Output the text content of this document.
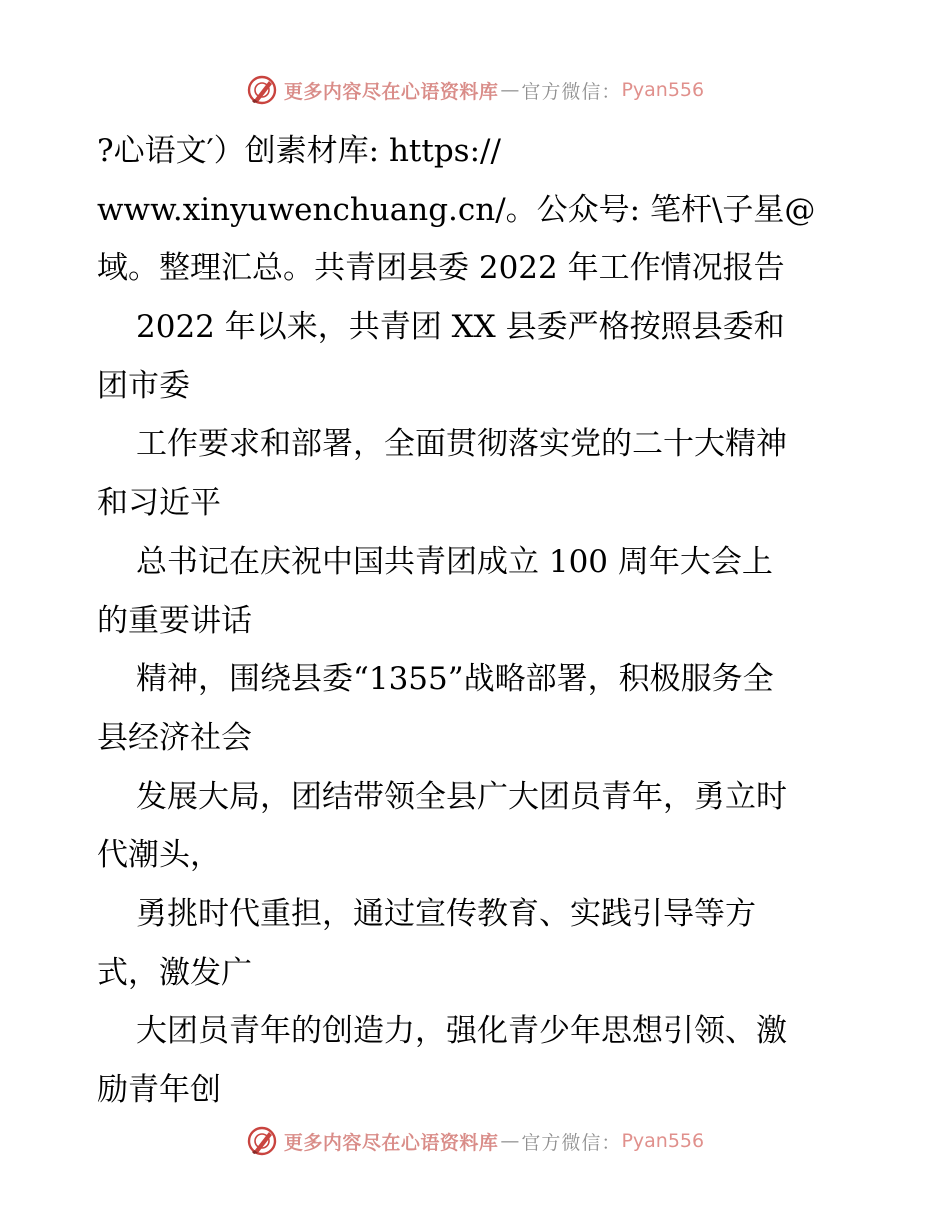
更多内容尽在心语资料库 — 官方微信： Pyan556
?心语文′）创素材库: https://
www.xinyuwenchuang.cn/。公众号: 笔杆\子星@
域。整理汇总。共青团县委 2022 年工作情况报告
2022 年以来，共青团 XX 县委严格按照县委和
团市委
工作要求和部署，全面贯彻落实党的二十大精神
和习近平
总书记在庆祝中国共青团成立 100 周年大会上
的重要讲话
精神，围绕县委“1355”战略部署，积极服务全
县经济社会
发展大局，团结带领全县广大团员青年，勇立时
代潮头，
勇挑时代重担，通过宣传教育、实践引导等方
式，激发广
大团员青年的创造力，强化青少年思想引领、激
励青年创
更多内容尽在心语资料库 — 官方微信： Pyan556
